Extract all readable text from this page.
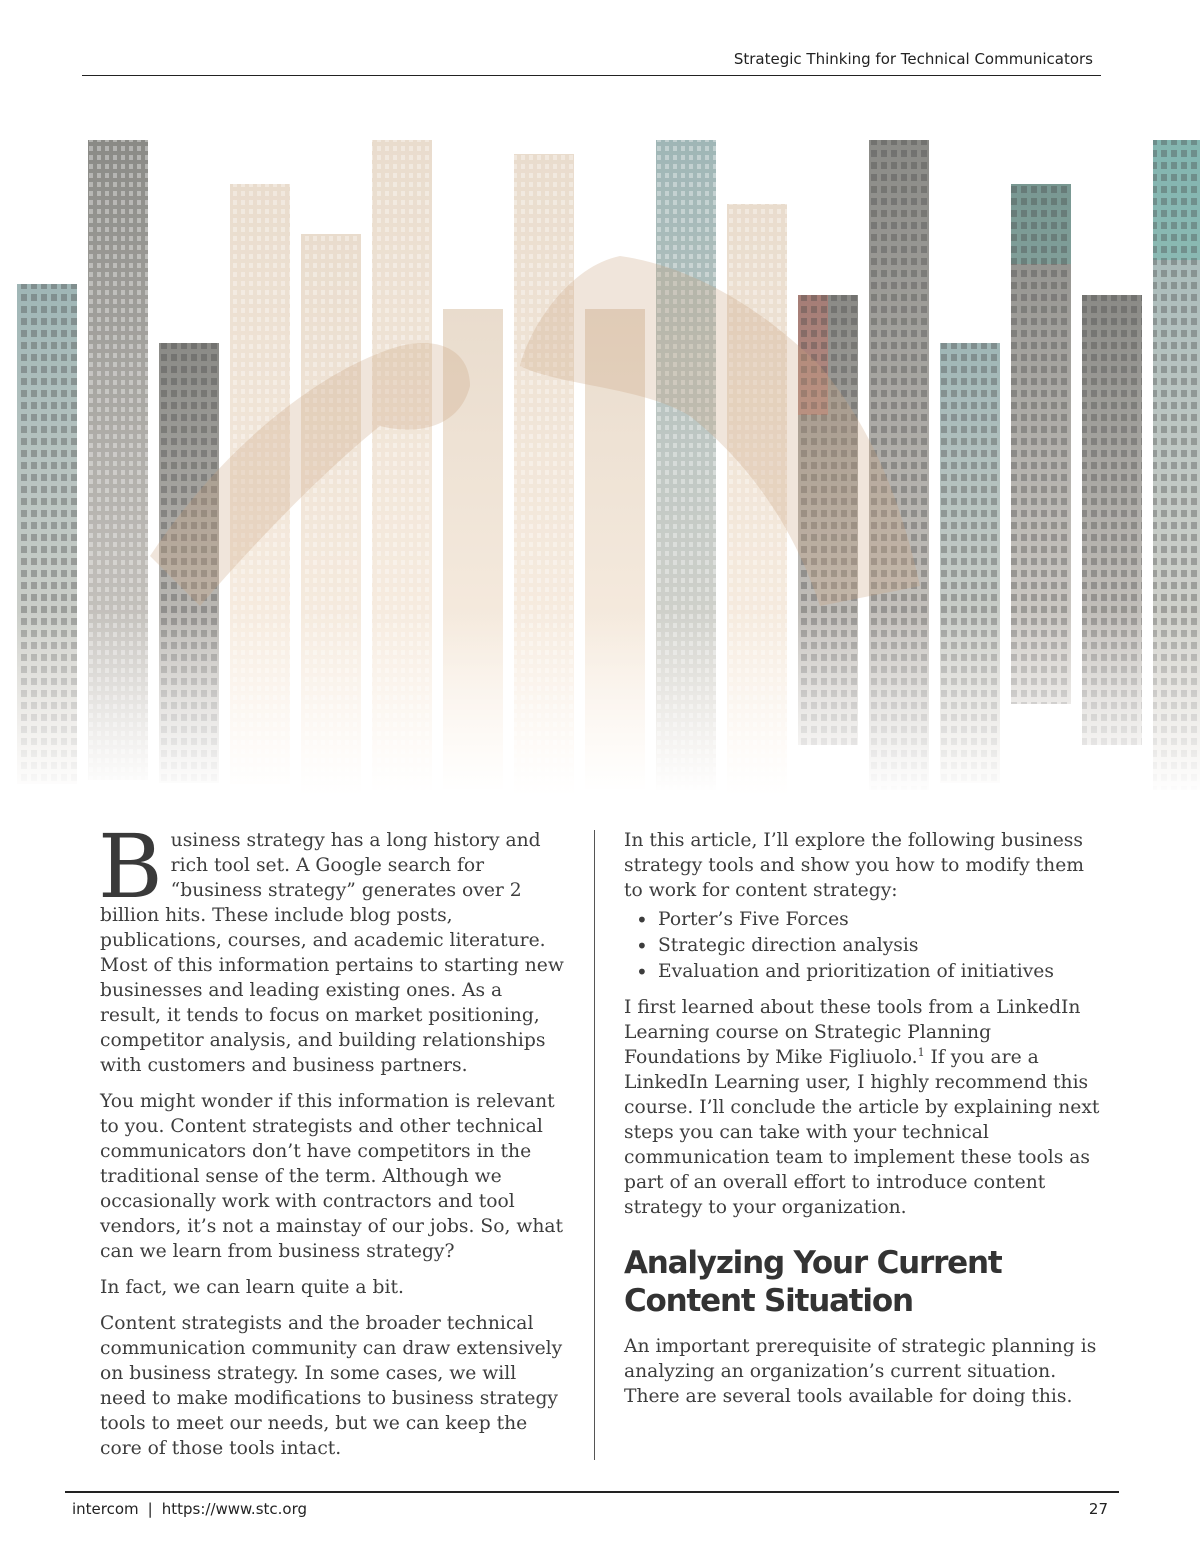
Strategic Thinking for Technical Communicators

Business strategy has a long history and rich tool set. A Google search for “business strategy” generates over 2 billion hits. These include blog posts, publications, courses, and academic literature. Most of this information pertains to starting new businesses and leading existing ones. As a result, it tends to focus on market positioning, competitor analysis, and building relationships with customers and business partners.

You might wonder if this information is relevant to you. Content strategists and other technical communicators don’t have competitors in the traditional sense of the term. Although we occasionally work with contractors and tool vendors, it’s not a mainstay of our jobs. So, what can we learn from business strategy?

In fact, we can learn quite a bit.

Content strategists and the broader technical communication community can draw extensively on business strategy. In some cases, we will need to make modifications to business strategy tools to meet our needs, but we can keep the core of those tools intact.

In this article, I’ll explore the following business strategy tools and show you how to modify them to work for content strategy:

• Porter’s Five Forces
• Strategic direction analysis
• Evaluation and prioritization of initiatives

I first learned about these tools from a LinkedIn Learning course on Strategic Planning Foundations by Mike Figliuolo.$^1$ If you are a LinkedIn Learning user, I highly recommend this course. I’ll conclude the article by explaining next steps you can take with your technical communication team to implement these tools as part of an overall effort to introduce content strategy to your organization.

Analyzing Your Current Content Situation

An important prerequisite of strategic planning is analyzing an organization’s current situation. There are several tools available for doing this.

intercom | https://www.stc.org	27
